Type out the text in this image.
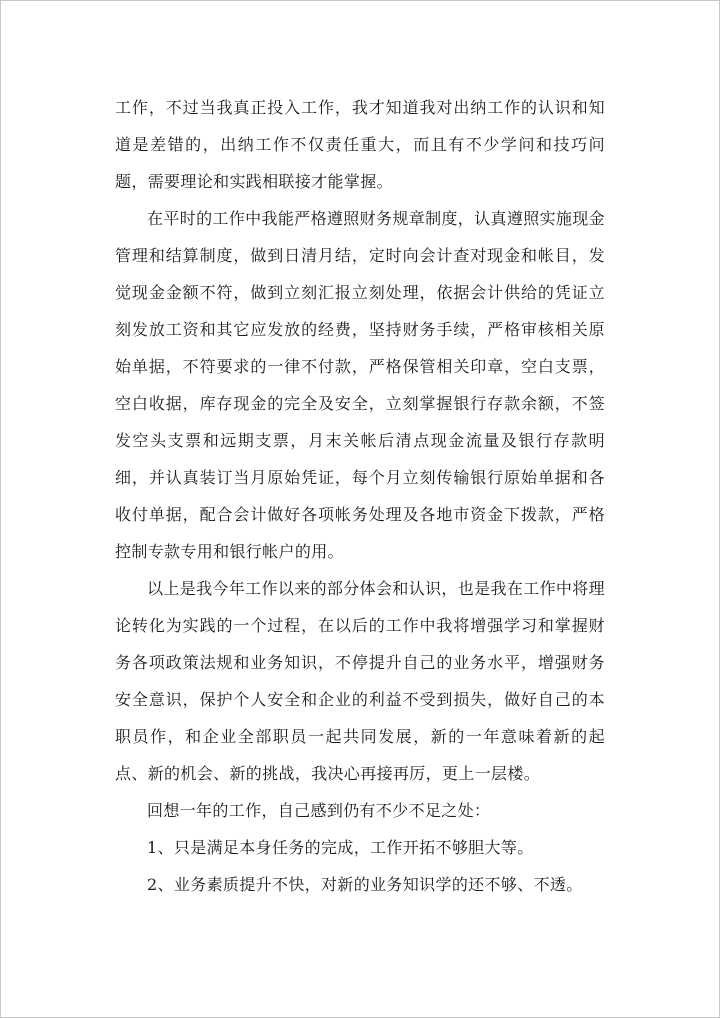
工作，不过当我真正投入工作，我才知道我对出纳工作的认识和知道是差错的，出纳工作不仅责任重大，而且有不少学问和技巧问题，需要理论和实践相联接才能掌握。

在平时的工作中我能严格遵照财务规章制度，认真遵照实施现金管理和结算制度，做到日清月结，定时向会计查对现金和帐目，发觉现金金额不符，做到立刻汇报立刻处理，依据会计供给的凭证立刻发放工资和其它应发放的经费，坚持财务手续，严格审核相关原始单据，不符要求的一律不付款，严格保管相关印章，空白支票，空白收据，库存现金的完全及安全，立刻掌握银行存款余额，不签发空头支票和远期支票，月末关帐后清点现金流量及银行存款明细，并认真装订当月原始凭证，每个月立刻传输银行原始单据和各收付单据，配合会计做好各项帐务处理及各地市资金下拨款，严格控制专款专用和银行帐户的用。

以上是我今年工作以来的部分体会和认识，也是我在工作中将理论转化为实践的一个过程，在以后的工作中我将增强学习和掌握财务各项政策法规和业务知识，不停提升自己的业务水平，增强财务安全意识，保护个人安全和企业的利益不受到损失，做好自己的本职员作，和企业全部职员一起共同发展，新的一年意味着新的起点、新的机会、新的挑战，我决心再接再厉，更上一层楼。

回想一年的工作，自己感到仍有不少不足之处：

1、只是满足本身任务的完成，工作开拓不够胆大等。

2、业务素质提升不快，对新的业务知识学的还不够、不透。
